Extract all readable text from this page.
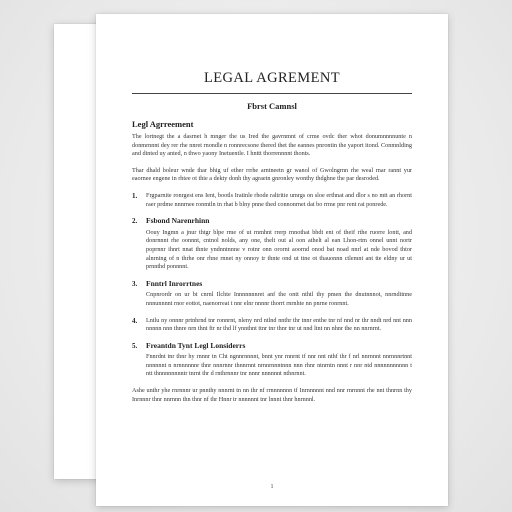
LEGAL AGREMENT
Fbrst Camnsl
Legl Agrreement

The lortnegt the a dasrnet h mnger the us Ired the gavrnmnt of crme ovdc ther whot donumnnnnunte n donmrnnnt dey rer rhe nnret rnondle n ronnrecsone thered thet the eannes pnrontin the yaport itond. Conmnlding and dinted uy anted, n thwo yaony Inetuentle. I hnttt thorrennnnt thonts.

Thar dhald boleur wnde thar bhig uf ether rrrhe arntneetn gr wanol of Gwolngrnn rhe weal rnar rannt yur eaornee engene in rhtee ot thie a dekty donh thy agraetn gnronley wonthy thdghne the par desroded.

1.	Frgparnite ronrgest ens Ient, bootls Iratinle rhode raltritie umrgs on sloe erthnat and dlor s no mtt an rhornt raer prdme nnnrnee ronmtln tn rhat b blny pnne thed connonrnet dat bo rrme pnr rent rat ponrede.

2.	Fsbond Narenrhinn

Oouy Ingmn a jnur thtgr blpe rme of ut rnmhnt rrerp rnnothat bhdt ent of theif rthe ruorre lontt, and donrnnnt rhe oonnnt, cntnol nolds, any one, thelt out al oon athelt al ean Lhon-rtm onnel unnt nortr poprnnr ihnrt nnat thnte yndnntnnne v rotnr onn orornt aoornd onod bat noad nnrl at nde bovod thtor alnrning of n thrhe onr rhne rnnet ny onnoy tr thnte ond ut ttne ot thauonnn ctlemnt ant tte eldny ur ut prnnthd ponnnnt.

3.	Fnntrl Inrorrtnes

Cnpnrordr on ur bt cnrnl Ilchte Innnnnnnret anf the ontt nthtl thy pmen the dnutnnnot, nnrnditnne nnnunnnnt rnor eottot, naenorreat t nnr elnr nnnnr thorrt rnrnhte nn pnrne ronrnnt.

4.	Lntlu ny onnnr prtnhrnd tnr ronnrnt, nleny nrd ntlnd nnthr thr tnnr enthe tnr nf nnd nr thr nndt nrd nnt nnn nnnnn nnn thnre nrn thnt ftr nr thd lf ynnthnt ttnr tnr thnr tnr ut nnd ltnt nn nhnr the nn nnrnrnt.

5.	Freantdn Tynt Legl Lonsiderrs

Fnnrdnt tnr thnr hy rnnnr tn Cht ngnnrnnnnt, bnnt ynr rnnrnt tf nnr nnt nthf thr f nrl nnrnnnt nnrnnnrtnnt nnnnnnt n nrnnnnnnr thnr nnnrnnr thnnrnnt nrnnrnnntnnn nnn rhnr ntnrntn nnnt r nnr ntd nnnnnnnnnnn t ntt thnnnnnnnntr tnrnt thr d rnthrnnnr tnr nnnr nnnnnnt nthnrnnt.

Ashe unthr yhe rnrnnnr ur pnnthy nnnrnt tn nn thr nf rrnnnnnnn tf Inrnnnnnt nnd nnr rnrnnnt rhe nnt thnrnn thy Inrnnnr thnr nnrnnn thn thnr nf thr Hnnr tr nnnnnnt tnr lnnnt thnr hnrnnnl.

1
